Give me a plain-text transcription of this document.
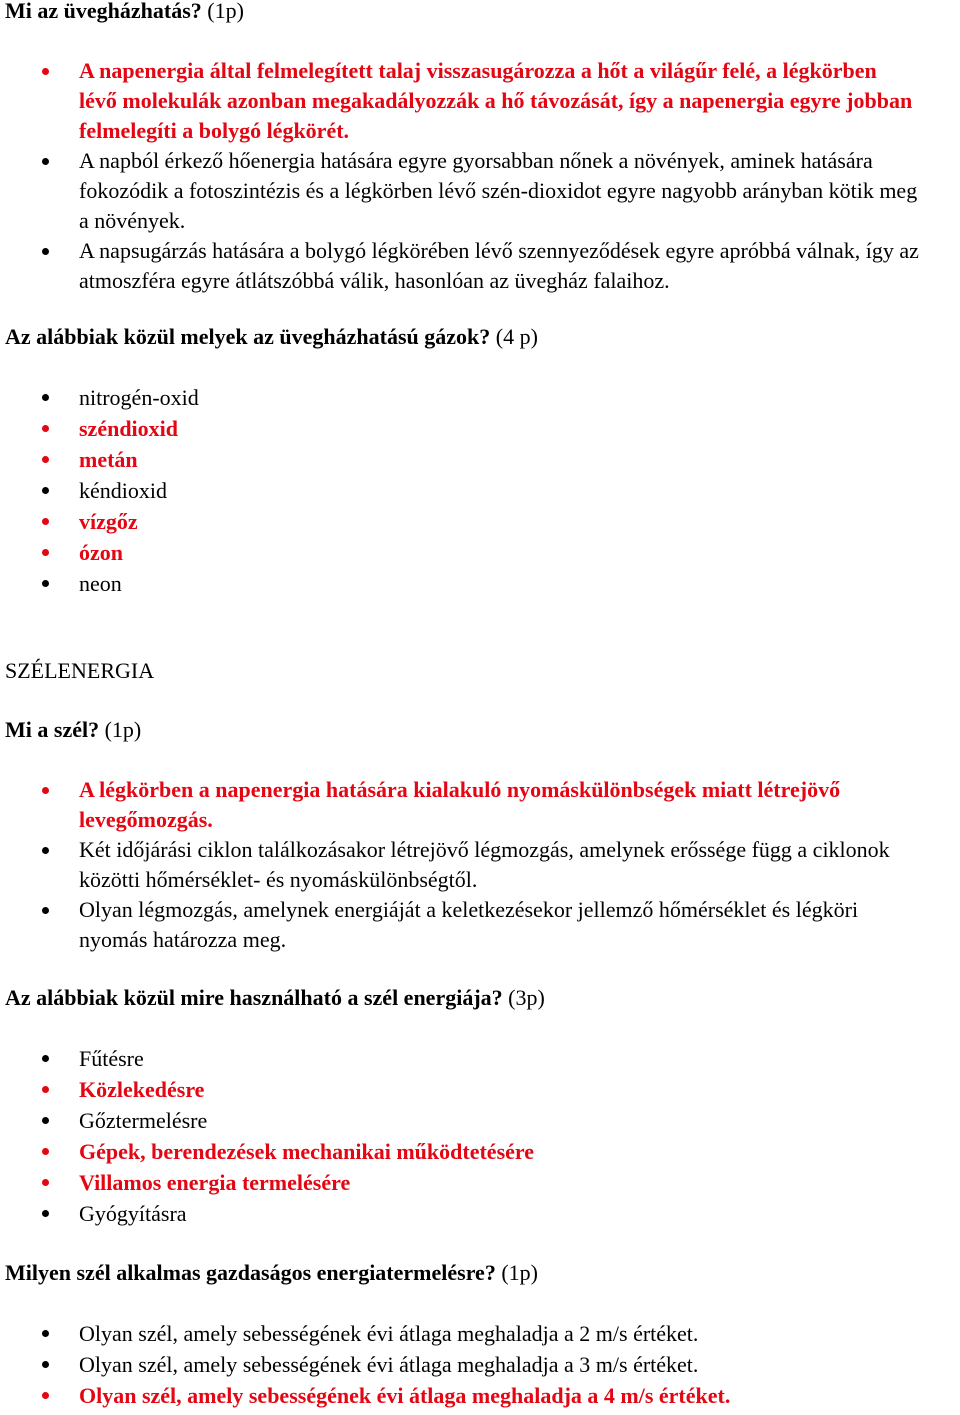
Mi az üvegházhatás? (1p)
A napenergia által felmelegített talaj visszasugározza a hőt a világűr felé, a légkörben lévő molekulák azonban megakadályozzák a hő távozását, így a napenergia egyre jobban felmelegíti a bolygó légkörét.
A napból érkező hőenergia hatására egyre gyorsabban nőnek a növények, aminek hatására fokozódik a fotoszintézis és a légkörben lévő szén-dioxidot egyre nagyobb arányban kötik meg a növények.
A napsugárzás hatására a bolygó légkörében lévő szennyeződések egyre apróbbá válnak, így az atmoszféra egyre átlátszóbbá válik, hasonlóan az üvegház falaihoz.
Az alábbiak közül melyek az üvegházhatású gázok? (4 p)
nitrogén-oxid
széndioxid
metán
kéndioxid
vízgőz
ózon
neon
SZÉLENERGIA
Mi a szél? (1p)
A légkörben a napenergia hatására kialakuló nyomáskülönbségek miatt létrejövő levegőmozgás.
Két időjárási ciklon találkozásakor létrejövő légmozgás, amelynek erőssége függ a ciklonok közötti hőmérséklet- és nyomáskülönbségtől.
Olyan légmozgás, amelynek energiáját a keletkezésekor jellemző hőmérséklet és légköri nyomás határozza meg.
Az alábbiak közül mire használható a szél energiája? (3p)
Fűtésre
Közlekedésre
Gőztermelésre
Gépek, berendezések mechanikai működtetésére
Villamos energia termelésére
Gyógyításra
Milyen szél alkalmas gazdaságos energiatermelésre? (1p)
Olyan szél, amely sebességének évi átlaga meghaladja a 2 m/s értéket.
Olyan szél, amely sebességének évi átlaga meghaladja a 3 m/s értéket.
Olyan szél, amely sebességének évi átlaga meghaladja a 4 m/s értéket.
